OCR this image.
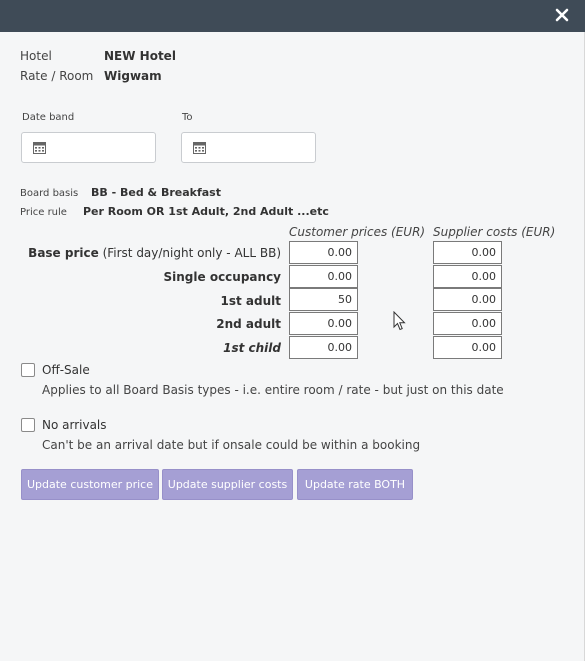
Hotel	NEW Hotel
Rate / Room Wigwam
Date band	To
Board basis BB - Bed & Breakfast
Price rule Per Room OR 1st Adult, 2nd Adult ...etc
Customer prices (EUR) Supplier costs (EUR)
Base price (First day/night only - ALL BB)	0.00	0.00
Single occupancy	0.00	0.00
1st adult	50	0.00
2nd adult	0.00	0.00
1st child	0.00	0.00
Off-Sale
Applies to all Board Basis types - i.e. entire room / rate - but just on this date
No arrivals
Can't be an arrival date but if onsale could be within a booking
Update customer price	Update supplier costs	Update rate BOTH
